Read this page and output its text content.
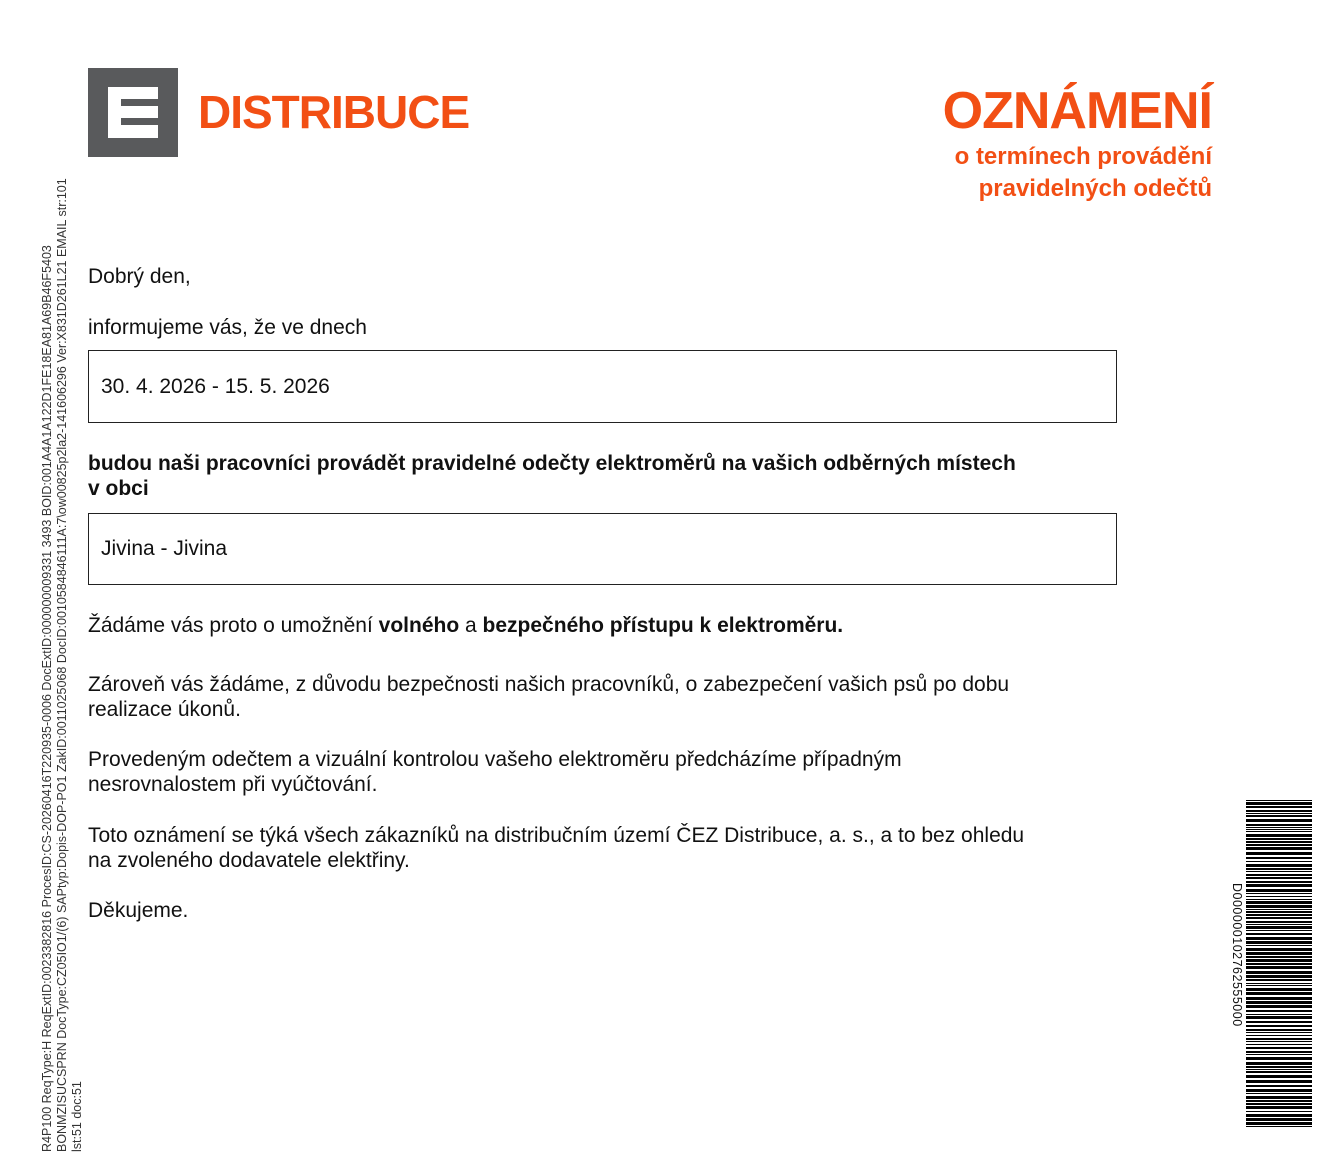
DISTRIBUCE	OZNÁMENÍ
o termínech provádění
pravidelných odečtů
Dobrý den,
informujeme vás, že ve dnech
30. 4. 2026 - 15. 5. 2026
budou naši pracovníci provádět pravidelné odečty elektroměrů na vašich odběrných místech
v obci
Jivina - Jivina
Žádáme vás proto o umožnění volného a bezpečného přístupu k elektroměru.
Zároveň vás žádáme, z důvodu bezpečnosti našich pracovníků, o zabezpečení vašich psů po dobu
realizace úkonů.
Provedeným odečtem a vizuální kontrolou vašeho elektroměru předcházíme případným
nesrovnalostem při vyúčtování.
Toto oznámení se týká všech zákazníků na distribučním území ČEZ Distribuce, a. s., a to bez ohledu
na zvoleného dodavatele elektřiny.
Děkujeme.
R4P100 ReqType:H ReqExtID:0023382816 ProcesID:CS-20260416T220935-0006 DocExtID:000000009331 3493 BOID:001A4A1A122D1FE18EA81A69B46F5403 BONMZISUCSPRN DocType:CZ05IO1/(6) SAPtyp:Dopis-DOP-PO1 ZakID:0011025068 DocID:0010584846111A:7\ow00825p2la2-141606296 Ver:X831D261L21 EMAIL str:101 lst:51 doc:51
D000000102762555000
